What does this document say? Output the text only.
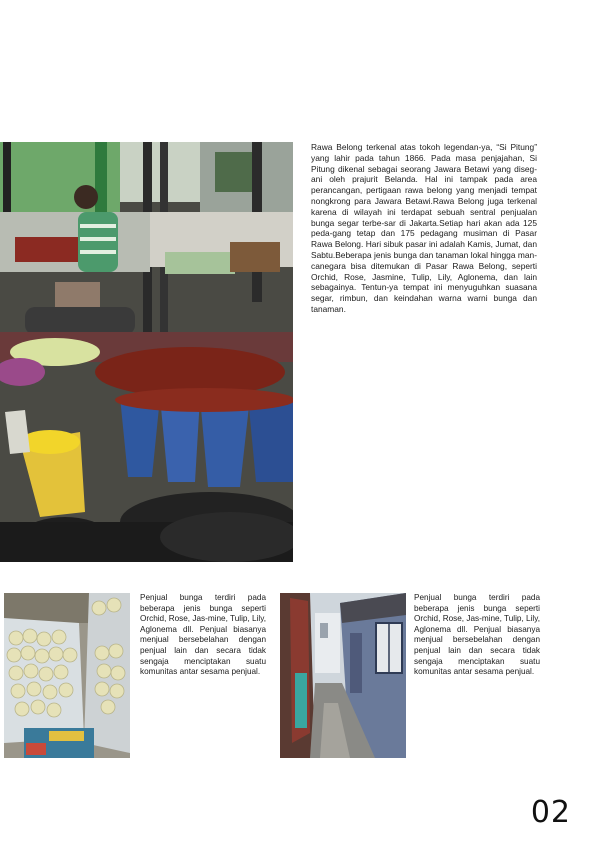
Rawa Belong terkenal atas tokoh legendan-ya, “Si Pitung” yang lahir pada tahun 1866. Pada masa penjajahan, Si Pitung dikenal sebagai seorang Jawara Betawi yang diseg-ani oleh prajurit Belanda. Hal ini tampak pada area perancangan, pertigaan rawa belong yang menjadi tempat nongkrong para Jawara Betawi.Rawa Belong juga terkenal karena di wilayah ini terdapat sebuah sentral penjualan bunga segar terbe-sar di Jakarta.Setiap hari akan ada 125 peda-gang tetap dan 175 pedagang musiman di Pasar Rawa Belong. Hari sibuk pasar ini adalah Kamis, Jumat, dan Sabtu.Beberapa jenis bunga dan tanaman lokal hingga man-canegara bisa ditemukan di Pasar Rawa Belong, seperti Orchid, Rose, Jasmine, Tulip, Lily, Aglonema, dan lain sebagainya. Tentun-ya tempat ini menyuguhkan suasana segar, rimbun, dan keindahan warna warni bunga dan tanaman.
Penjual bunga terdiri pada beberapa jenis bunga seperti Orchid, Rose, Jas-mine, Tulip, Lily, Aglonema dll. Penjual biasanya menjual bersebelahan dengan penjual lain dan secara tidak sengaja menciptakan suatu komunitas antar sesama penjual.
Penjual bunga terdiri pada beberapa jenis bunga seperti Orchid, Rose, Jas-mine, Tulip, Lily, Aglonema dll. Penjual biasanya menjual bersebelahan dengan penjual lain dan secara tidak sengaja menciptakan suatu komunitas antar sesama penjual.
02
